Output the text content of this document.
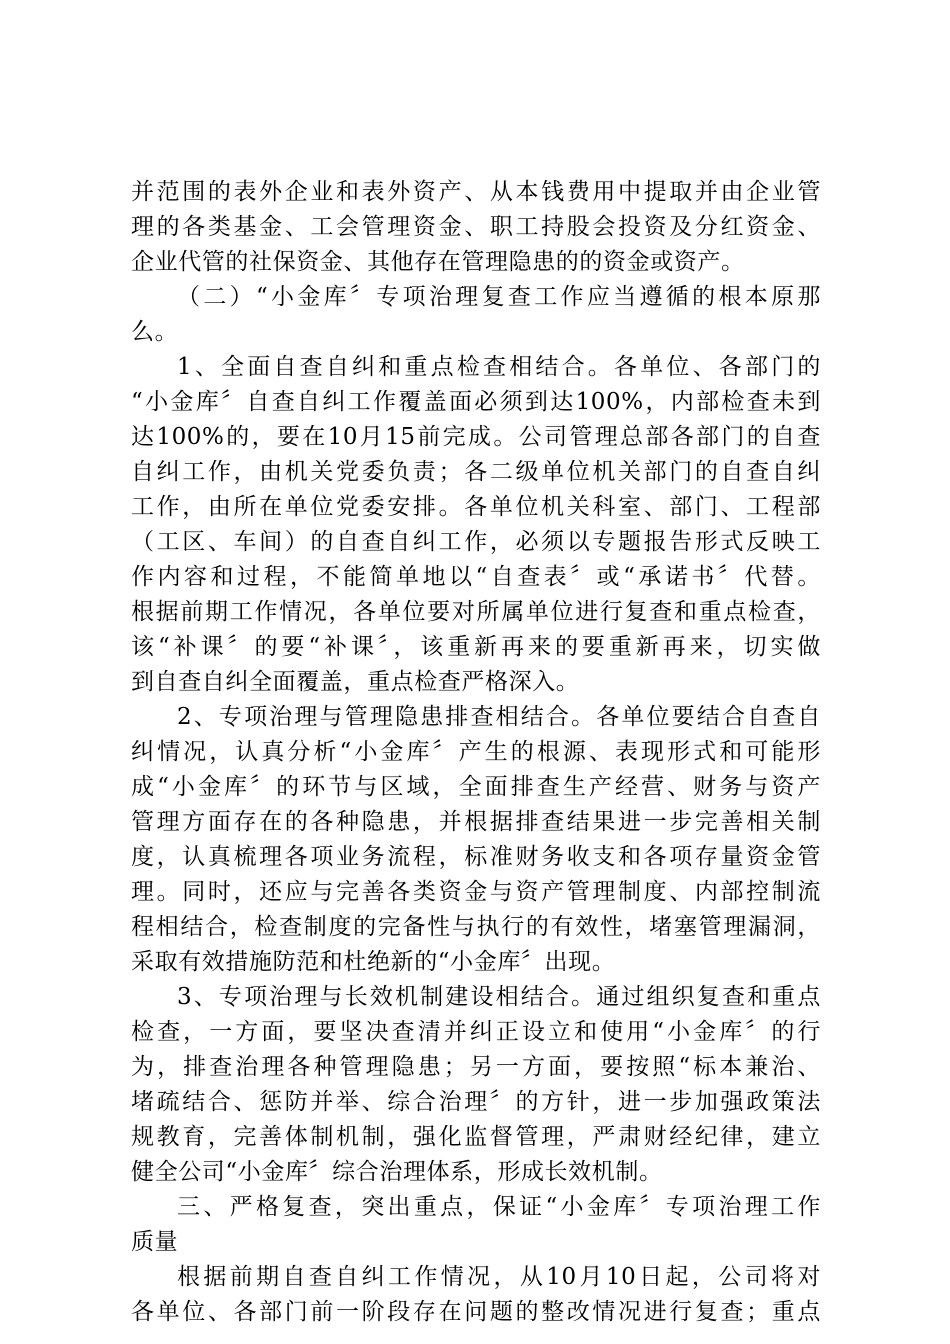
并范围的表外企业和表外资产、从本钱费用中提取并由企业管
理的各类基金、工会管理资金、职工持股会投资及分红资金、
企业代管的社保资金、其他存在管理隐患的的资金或资产。
（二）“小金库〞专项治理复查工作应当遵循的根本原那
么。
1、全面自查自纠和重点检查相结合。各单位、各部门的
“小金库〞自查自纠工作覆盖面必须到达100%，内部检查未到
达100%的，要在10月15前完成。公司管理总部各部门的自查
自纠工作，由机关党委负责；各二级单位机关部门的自查自纠
工作，由所在单位党委安排。各单位机关科室、部门、工程部
（工区、车间）的自查自纠工作，必须以专题报告形式反映工
作内容和过程，不能简单地以“自查表〞或“承诺书〞代替。
根据前期工作情况，各单位要对所属单位进行复查和重点检查，
该“补课〞的要“补课〞，该重新再来的要重新再来，切实做
到自查自纠全面覆盖，重点检查严格深入。
2、专项治理与管理隐患排查相结合。各单位要结合自查自
纠情况，认真分析“小金库〞产生的根源、表现形式和可能形
成“小金库〞的环节与区域，全面排查生产经营、财务与资产
管理方面存在的各种隐患，并根据排查结果进一步完善相关制
度，认真梳理各项业务流程，标准财务收支和各项存量资金管
理。同时，还应与完善各类资金与资产管理制度、内部控制流
程相结合，检查制度的完备性与执行的有效性，堵塞管理漏洞，
采取有效措施防范和杜绝新的“小金库〞出现。
3、专项治理与长效机制建设相结合。通过组织复查和重点
检查，一方面，要坚决查清并纠正设立和使用“小金库〞的行
为，排查治理各种管理隐患；另一方面，要按照“标本兼治、
堵疏结合、惩防并举、综合治理〞的方针，进一步加强政策法
规教育，完善体制机制，强化监督管理，严肃财经纪律，建立
健全公司“小金库〞综合治理体系，形成长效机制。
三、严格复查，突出重点，保证“小金库〞专项治理工作
质量
根据前期自查自纠工作情况，从10月10日起，公司将对
各单位、各部门前一阶段存在问题的整改情况进行复查；重点
